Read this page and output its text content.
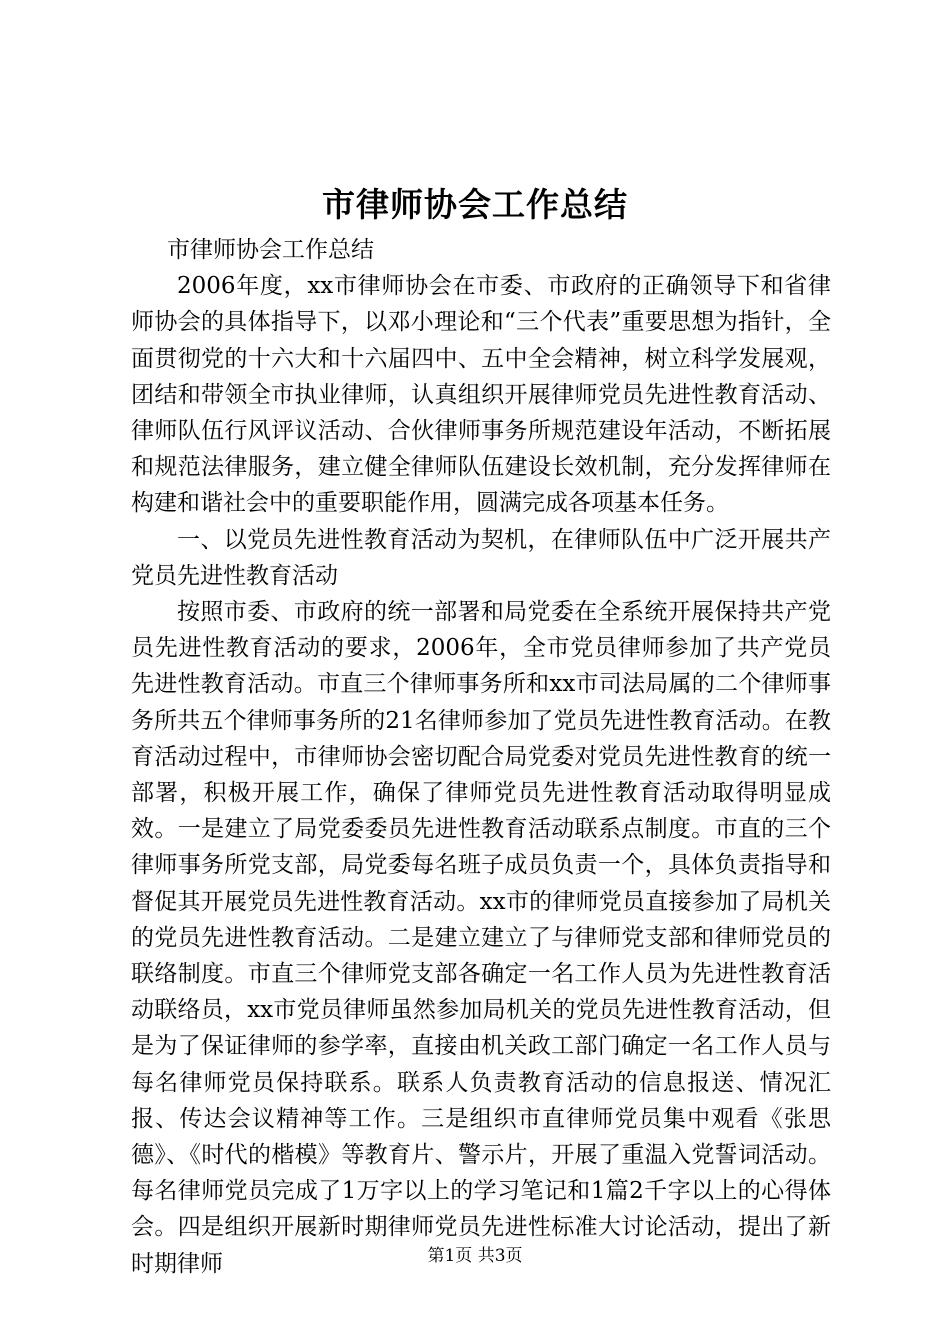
市律师协会工作总结

市律师协会工作总结

2006年度，xx市律师协会在市委、市政府的正确领导下和省律师协会的具体指导下，以邓小理论和“三个代表”重要思想为指针，全面贯彻党的十六大和十六届四中、五中全会精神，树立科学发展观，团结和带领全市执业律师，认真组织开展律师党员先进性教育活动、律师队伍行风评议活动、合伙律师事务所规范建设年活动，不断拓展和规范法律服务，建立健全律师队伍建设长效机制，充分发挥律师在构建和谐社会中的重要职能作用，圆满完成各项基本任务。

一、以党员先进性教育活动为契机，在律师队伍中广泛开展共产党员先进性教育活动

按照市委、市政府的统一部署和局党委在全系统开展保持共产党员先进性教育活动的要求，2006年，全市党员律师参加了共产党员先进性教育活动。市直三个律师事务所和xx市司法局属的二个律师事务所共五个律师事务所的21名律师参加了党员先进性教育活动。在教育活动过程中，市律师协会密切配合局党委对党员先进性教育的统一部署，积极开展工作，确保了律师党员先进性教育活动取得明显成效。一是建立了局党委委员先进性教育活动联系点制度。市直的三个律师事务所党支部，局党委每名班子成员负责一个，具体负责指导和督促其开展党员先进性教育活动。xx市的律师党员直接参加了局机关的党员先进性教育活动。二是建立建立了与律师党支部和律师党员的联络制度。市直三个律师党支部各确定一名工作人员为先进性教育活动联络员，xx市党员律师虽然参加局机关的党员先进性教育活动，但是为了保证律师的参学率，直接由机关政工部门确定一名工作人员与每名律师党员保持联系。联系人负责教育活动的信息报送、情况汇报、传达会议精神等工作。三是组织市直律师党员集中观看《张思德》、《时代的楷模》等教育片、警示片，开展了重温入党誓词活动。每名律师党员完成了1万字以上的学习笔记和1篇2千字以上的心得体会。四是组织开展新时期律师党员先进性标准大讨论活动，提出了新时期律师	第1页 共3页
